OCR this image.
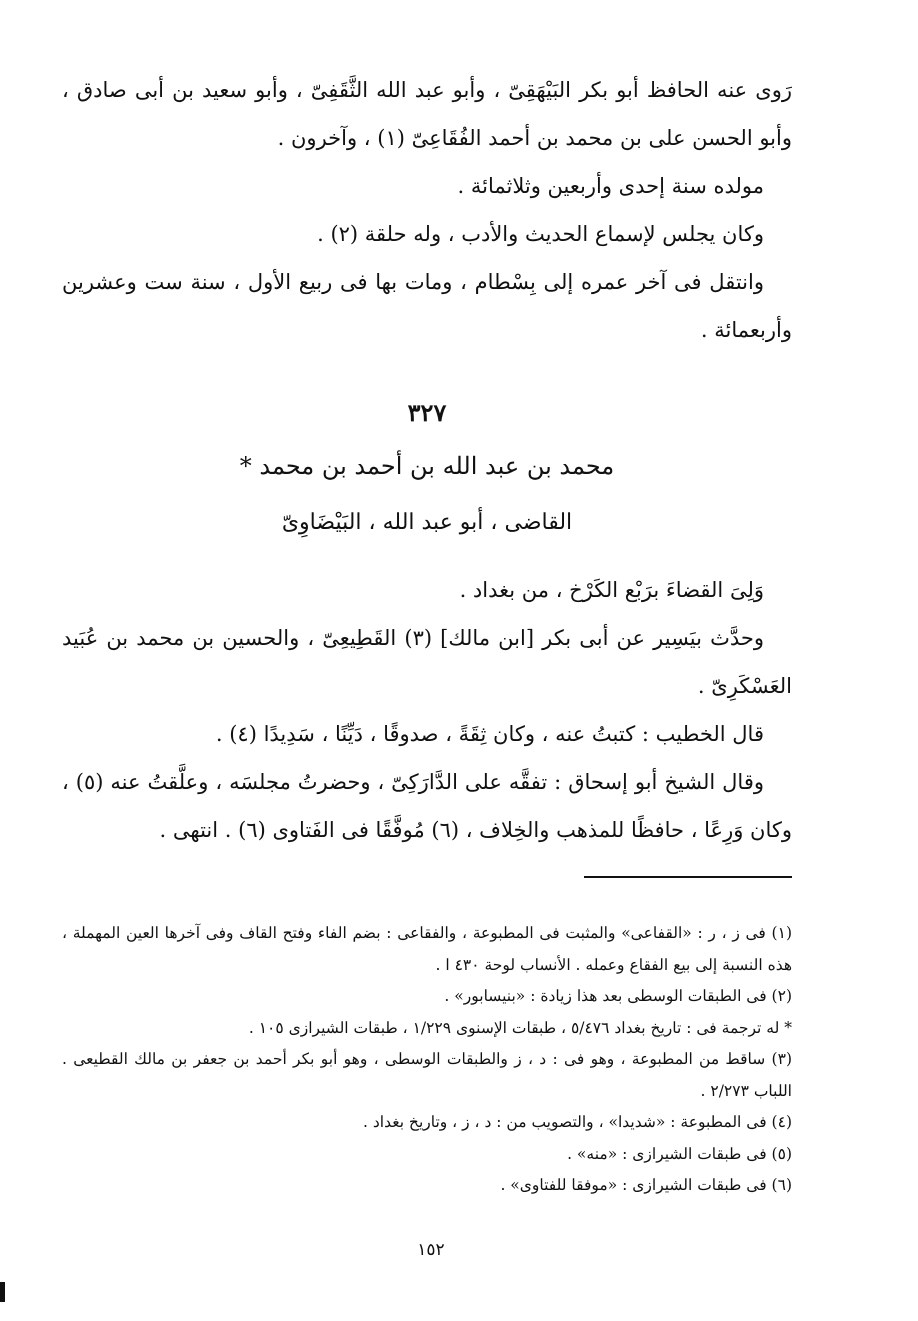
رَوى عنه الحافظ أبو بكر البَيْهَقِىّ ، وأبو عبد الله الثَّقَفِىّ ، وأبو سعيد بن أبى صادق ، وأبو الحسن على بن محمد بن أحمد الفُقَاعِىّ (١) ، وآخرون .

مولده سنة إحدى وأربعين وثلاثمائة .

وكان يجلس لإسماع الحديث والأدب ، وله حلقة (٢) .

وانتقل فى آخر عمره إلى بِسْطام ، ومات بها فى ربيع الأول ، سنة ست وعشرين وأربعمائة .

٣٢٧
محمد بن عبد الله بن أحمد بن محمد *
القاضى ، أبو عبد الله ، البَيْضَاوِىّ

وَلِىَ القضاءَ برَبْع الكَرْخ ، من بغداد .

وحدَّث بيَسِير عن أبى بكر [ابن مالك] (٣) القَطِيعِىّ ، والحسين بن محمد بن عُبَيد العَسْكَرِىّ .

قال الخطيب : كتبتُ عنه ، وكان ثِقَةً ، صدوقًا ، دَيِّنًا ، سَدِيدًا (٤) .

وقال الشيخ أبو إسحاق : تفقَّه على الدَّارَكِىّ ، وحضرتُ مجلسَه ، وعلَّقتُ عنه (٥) ، وكان وَرِعًا ، حافظًا للمذهب والخِلاف ، (٦) مُوفَّقًا فى الفَتاوى (٦) . انتهى .

(١) فى ز ، ر : «القفاعى» والمثبت فى المطبوعة ، والفقاعى : بضم الفاء وفتح القاف وفى آخرها العين المهملة ، هذه النسبة إلى بيع الفقاع وعمله . الأنساب لوحة ٤٣٠ ا .

(٢) فى الطبقات الوسطى بعد هذا زيادة : «بنيسابور» .

* له ترجمة فى : تاريخ بغداد ٥/٤٧٦ ، طبقات الإسنوى ١/٢٢٩ ، طبقات الشيرازى ١٠٥ .

(٣) ساقط من المطبوعة ، وهو فى : د ، ز والطبقات الوسطى ، وهو أبو بكر أحمد بن جعفر بن مالك القطيعى . اللباب ٢/٢٧٣ .

(٤) فى المطبوعة : «شديدا» ، والتصويب من : د ، ز ، وتاريخ بغداد .

(٥) فى طبقات الشيرازى : «منه» .

(٦) فى طبقات الشيرازى : «موفقا للفتاوى» .

١٥٢
